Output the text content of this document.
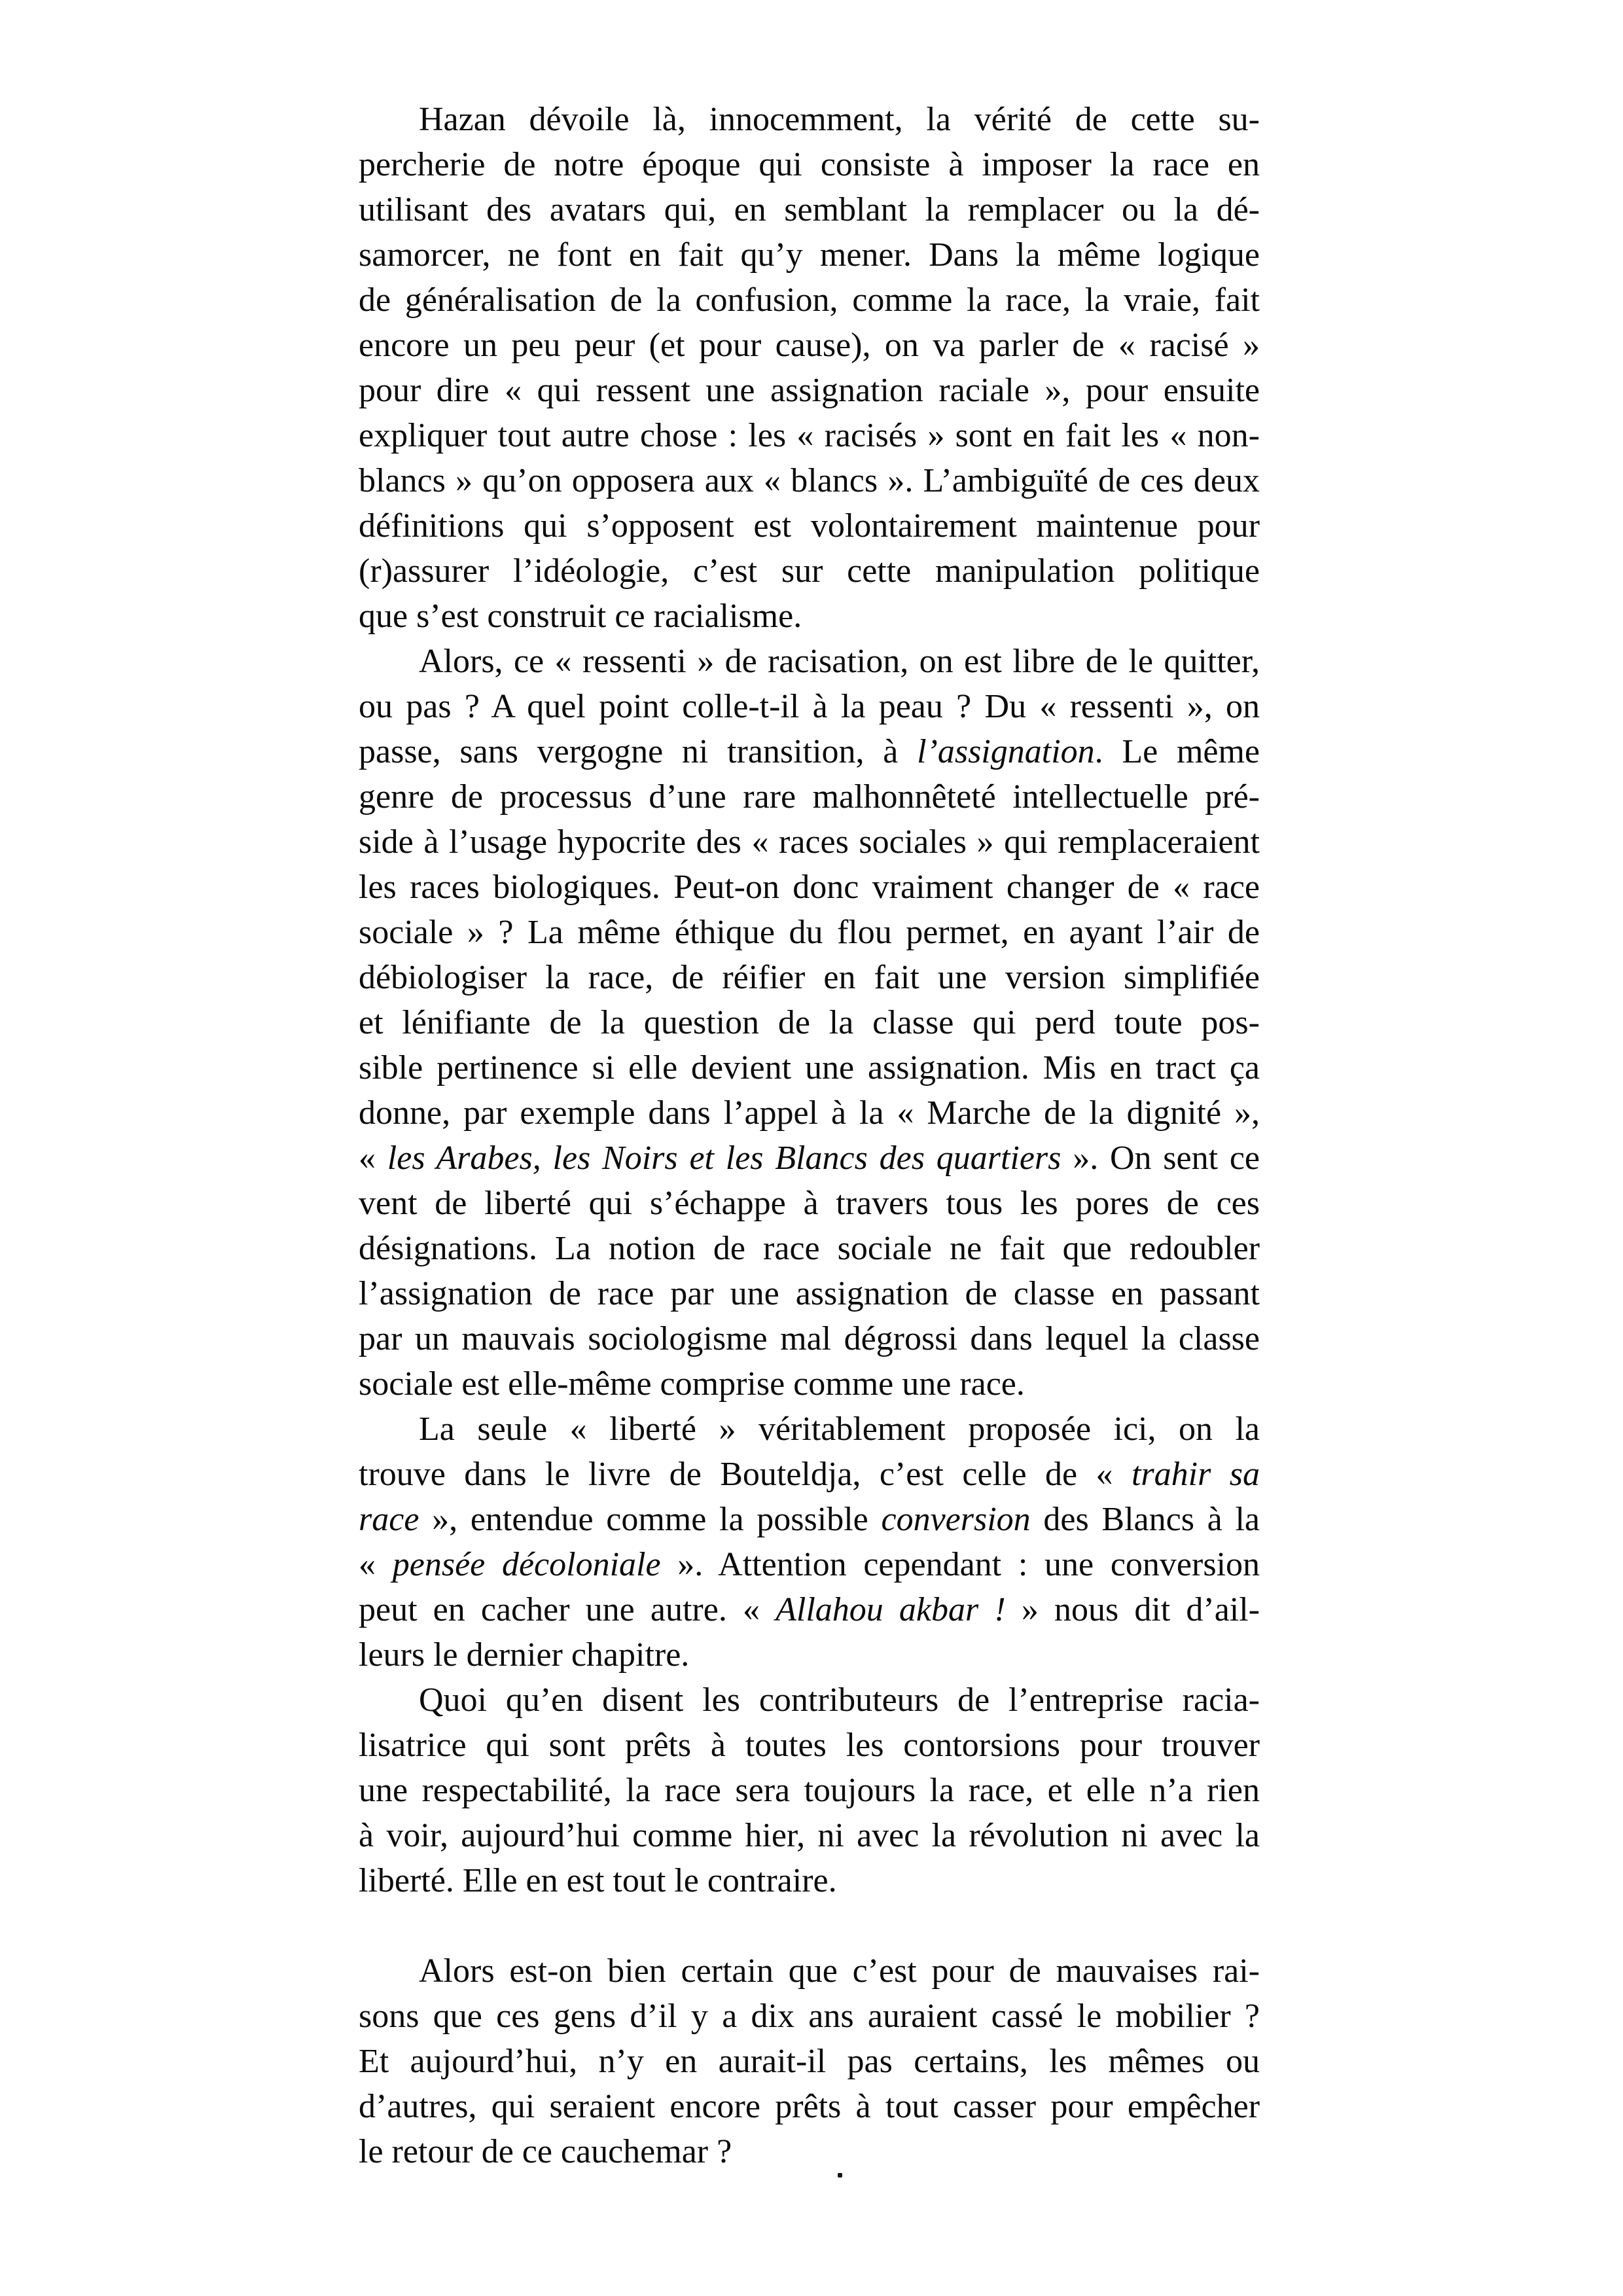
Hazan dévoile là, innocemment, la vérité de cette su-
percherie de notre époque qui consiste à imposer la race en
utilisant des avatars qui, en semblant la remplacer ou la dé-
samorcer, ne font en fait qu’y mener. Dans la même logique
de généralisation de la confusion, comme la race, la vraie, fait
encore un peu peur (et pour cause), on va parler de « racisé »
pour dire « qui ressent une assignation raciale », pour ensuite
expliquer tout autre chose : les « racisés » sont en fait les « non-
blancs » qu’on opposera aux « blancs ». L’ambiguïté de ces deux
définitions qui s’opposent est volontairement maintenue pour
(r)assurer l’idéologie, c’est sur cette manipulation politique
que s’est construit ce racialisme.
Alors, ce « ressenti » de racisation, on est libre de le quitter,
ou pas ? A quel point colle-t-il à la peau ? Du « ressenti », on
passe, sans vergogne ni transition, à l’assignation. Le même
genre de processus d’une rare malhonnêteté intellectuelle pré-
side à l’usage hypocrite des « races sociales » qui remplaceraient
les races biologiques. Peut-on donc vraiment changer de « race
sociale » ? La même éthique du flou permet, en ayant l’air de
débiologiser la race, de réifier en fait une version simplifiée
et lénifiante de la question de la classe qui perd toute pos-
sible pertinence si elle devient une assignation. Mis en tract ça
donne, par exemple dans l’appel à la « Marche de la dignité »,
« les Arabes, les Noirs et les Blancs des quartiers ». On sent ce
vent de liberté qui s’échappe à travers tous les pores de ces
désignations. La notion de race sociale ne fait que redoubler
l’assignation de race par une assignation de classe en passant
par un mauvais sociologisme mal dégrossi dans lequel la classe
sociale est elle-même comprise comme une race.
La seule « liberté » véritablement proposée ici, on la
trouve dans le livre de Bouteldja, c’est celle de « trahir sa
race », entendue comme la possible conversion des Blancs à la
« pensée décoloniale ». Attention cependant : une conversion
peut en cacher une autre. « Allahou akbar ! » nous dit d’ail-
leurs le dernier chapitre.
Quoi qu’en disent les contributeurs de l’entreprise racia-
lisatrice qui sont prêts à toutes les contorsions pour trouver
une respectabilité, la race sera toujours la race, et elle n’a rien
à voir, aujourd’hui comme hier, ni avec la révolution ni avec la
liberté. Elle en est tout le contraire.
Alors est-on bien certain que c’est pour de mauvaises rai-
sons que ces gens d’il y a dix ans auraient cassé le mobilier ?
Et aujourd’hui, n’y en aurait-il pas certains, les mêmes ou
d’autres, qui seraient encore prêts à tout casser pour empêcher
le retour de ce cauchemar ?
